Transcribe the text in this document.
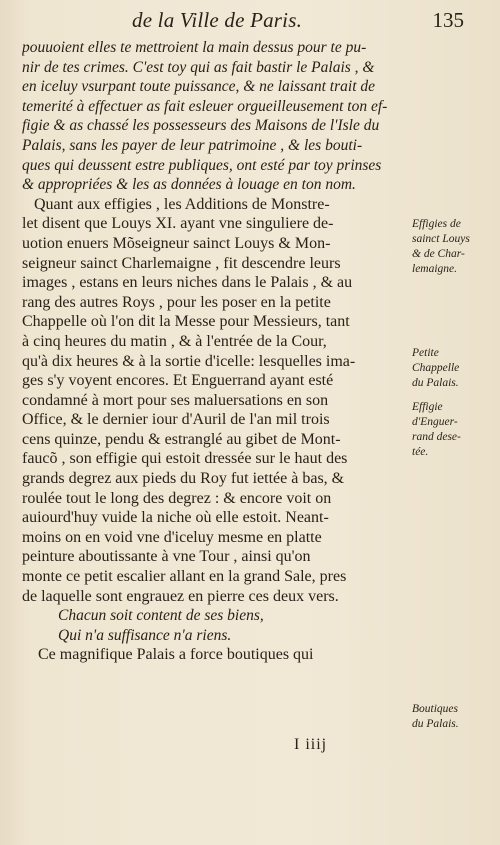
de la Ville de Paris.	135
pouuoient elles te mettroient la main dessus pour te pu-
nir de tes crimes. C'est toy qui as fait bastir le Palais , &
en iceluy vsurpant toute puissance, & ne laissant trait de
temerité à effectuer as fait esleuer orgueilleusement ton ef-
figie & as chassé les possesseurs des Maisons de l'Isle du
Palais, sans les payer de leur patrimoine , & les bouti-
ques qui deussent estre publiques, ont esté par toy prinses
& appropriées & les as données à louage en ton nom.
Quant aux effigies , les Additions de Monstre-
let disent que Louys XI. ayant vne singuliere de-
uotion enuers Mõseigneur sainct Louys & Mon-
seigneur sainct Charlemaigne , fit descendre leurs
images , estans en leurs niches dans le Palais , & au
rang des autres Roys , pour les poser en la petite
Chappelle où l'on dit la Messe pour Messieurs, tant
à cinq heures du matin , & à l'entrée de la Cour,
qu'à dix heures & à la sortie d'icelle: lesquelles ima-
ges s'y voyent encores. Et Enguerrand ayant esté
condamné à mort pour ses maluersations en son
Office, & le dernier iour d'Auril de l'an mil trois
cens quinze, pendu & estranglé au gibet de Mont-
faucõ , son effigie qui estoit dressée sur le haut des
grands degrez aux pieds du Roy fut iettée à bas, &
roulée tout le long des degrez : & encore voit on
auiourd'huy vuide la niche où elle estoit. Neant-
moins on en void vne d'iceluy mesme en platte
peinture aboutissante à vne Tour , ainsi qu'on
monte ce petit escalier allant en la grand Sale, pres
de laquelle sont engrauez en pierre ces deux vers.
Chacun soit content de ses biens,
Qui n'a suffisance n'a riens.
Ce magnifique Palais a force boutiques qui
Effigies de
sainct Louys
& de Char-
lemaigne.
Petite
Chappelle
du Palais.
Effigie
d'Enguer-
rand dese-
tée.
Boutiques
du Palais.
I iiij
